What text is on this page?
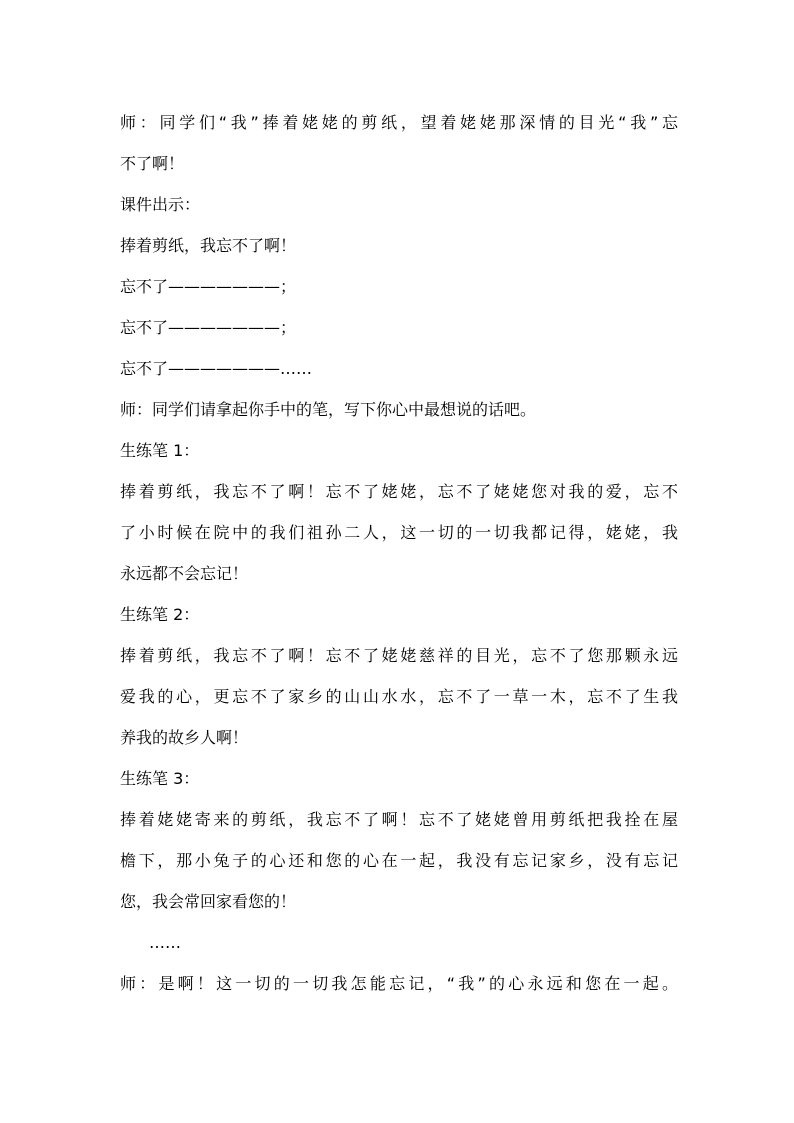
师：同学们“我”捧着姥姥的剪纸，望着姥姥那深情的目光“我”忘
不了啊！
课件出示：
捧着剪纸，我忘不了啊！
忘不了———————；
忘不了———————；
忘不了———————……
师：同学们请拿起你手中的笔，写下你心中最想说的话吧。
生练笔 1：
捧着剪纸，我忘不了啊！忘不了姥姥，忘不了姥姥您对我的爱，忘不
了小时候在院中的我们祖孙二人，这一切的一切我都记得，姥姥，我
永远都不会忘记！
生练笔 2：
捧着剪纸，我忘不了啊！忘不了姥姥慈祥的目光，忘不了您那颗永远
爱我的心，更忘不了家乡的山山水水，忘不了一草一木，忘不了生我
养我的故乡人啊！
生练笔 3：
捧着姥姥寄来的剪纸，我忘不了啊！忘不了姥姥曾用剪纸把我拴在屋
檐下，那小兔子的心还和您的心在一起，我没有忘记家乡，没有忘记
您，我会常回家看您的！
……
师：是啊！这一切的一切我怎能忘记，“我”的心永远和您在一起。
